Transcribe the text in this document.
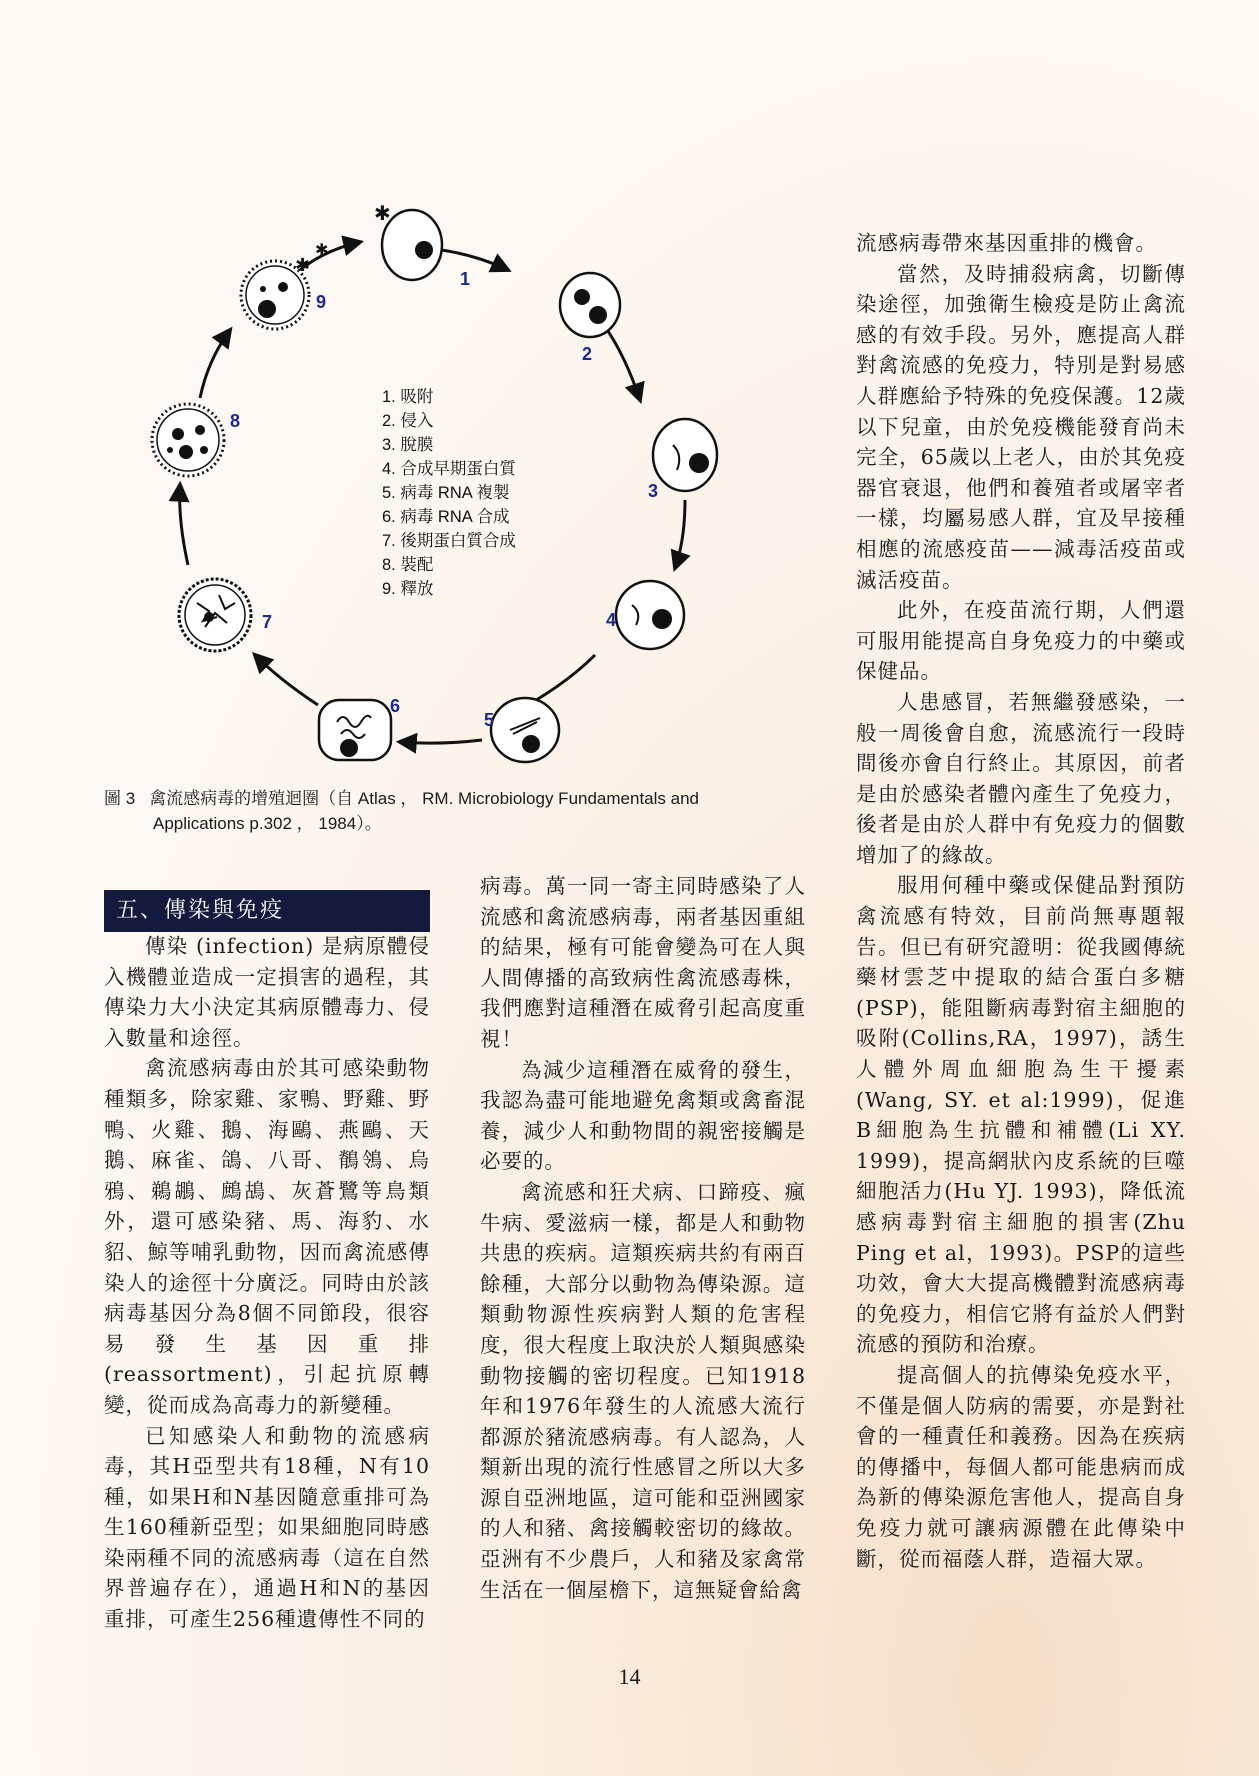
✱
✱
✱
1
2
3
4
5
6
7
8
9
1. 吸附
2. 侵入
3. 脫膜
4. 合成早期蛋白質
5. 病毒 RNA 複製
6. 病毒 RNA 合成
7. 後期蛋白質合成
8. 裝配
9. 釋放
圖 3 禽流感病毒的增殖迴圈（自 Atlas ， RM. Microbiology Fundamentals and
Applications p.302 ， 1984）。
五、傳染與免疫

傳染 (infection) 是病原體侵入機體並造成一定損害的過程，其傳染力大小決定其病原體毒力、侵入數量和途徑。

禽流感病毒由於其可感染動物種類多，除家雞、家鴨、野雞、野鴨、火雞、鵝、海鷗、燕鷗、天鵝、麻雀、鴿、八哥、鶺鴒、烏鴉、鵜鶘、鷓鴣、灰蒼鷺等鳥類外，還可感染豬、馬、海豹、水貂、鯨等哺乳動物，因而禽流感傳染人的途徑十分廣泛。同時由於該病毒基因分為8個不同節段，很容易發生基因重排(reassortment)，引起抗原轉變，從而成為高毒力的新變種。

已知感染人和動物的流感病毒，其H亞型共有18種，N有10種，如果H和N基因隨意重排可為生160種新亞型；如果細胞同時感染兩種不同的流感病毒（這在自然界普遍存在），通過H和N的基因重排，可產生256種遺傳性不同的

病毒。萬一同一寄主同時感染了人流感和禽流感病毒，兩者基因重組的結果，極有可能會變為可在人與人間傳播的高致病性禽流感毒株，我們應對這種潛在威脅引起高度重視！

為減少這種潛在威脅的發生，我認為盡可能地避免禽類或禽畜混養，減少人和動物間的親密接觸是必要的。

禽流感和狂犬病、口蹄疫、瘋牛病、愛滋病一樣，都是人和動物共患的疾病。這類疾病共約有兩百餘種，大部分以動物為傳染源。這類動物源性疾病對人類的危害程度，很大程度上取決於人類與感染動物接觸的密切程度。已知1918年和1976年發生的人流感大流行都源於豬流感病毒。有人認為，人類新出現的流行性感冒之所以大多源自亞洲地區，這可能和亞洲國家的人和豬、禽接觸較密切的緣故。亞洲有不少農戶，人和豬及家禽常生活在一個屋檐下，這無疑會給禽

流感病毒帶來基因重排的機會。

當然，及時捕殺病禽，切斷傳染途徑，加強衛生檢疫是防止禽流感的有效手段。另外，應提高人群對禽流感的免疫力，特別是對易感人群應給予特殊的免疫保護。12歲以下兒童，由於免疫機能發育尚未完全，65歲以上老人，由於其免疫器官衰退，他們和養殖者或屠宰者一樣，均屬易感人群，宜及早接種相應的流感疫苗——減毒活疫苗或滅活疫苗。

此外，在疫苗流行期，人們還可服用能提高自身免疫力的中藥或保健品。

人患感冒，若無繼發感染，一般一周後會自愈，流感流行一段時間後亦會自行終止。其原因，前者是由於感染者體內產生了免疫力，後者是由於人群中有免疫力的個數增加了的緣故。

服用何種中藥或保健品對預防禽流感有特效，目前尚無專題報告。但已有研究證明：從我國傳統藥材雲芝中提取的結合蛋白多糖(PSP)，能阻斷病毒對宿主細胞的吸附(Collins,RA，1997)，誘生人體外周血細胞為生干擾素(Wang, SY. et al:1999)，促進B細胞為生抗體和補體(Li XY. 1999)，提高網狀內皮系統的巨噬細胞活力(Hu YJ. 1993)，降低流感病毒對宿主細胞的損害(Zhu Ping et al，1993)。PSP的這些功效，會大大提高機體對流感病毒的免疫力，相信它將有益於人們對流感的預防和治療。

提高個人的抗傳染免疫水平，不僅是個人防病的需要，亦是對社會的一種責任和義務。因為在疾病的傳播中，每個人都可能患病而成為新的傳染源危害他人，提高自身免疫力就可讓病源體在此傳染中斷，從而福蔭人群，造福大眾。

14
